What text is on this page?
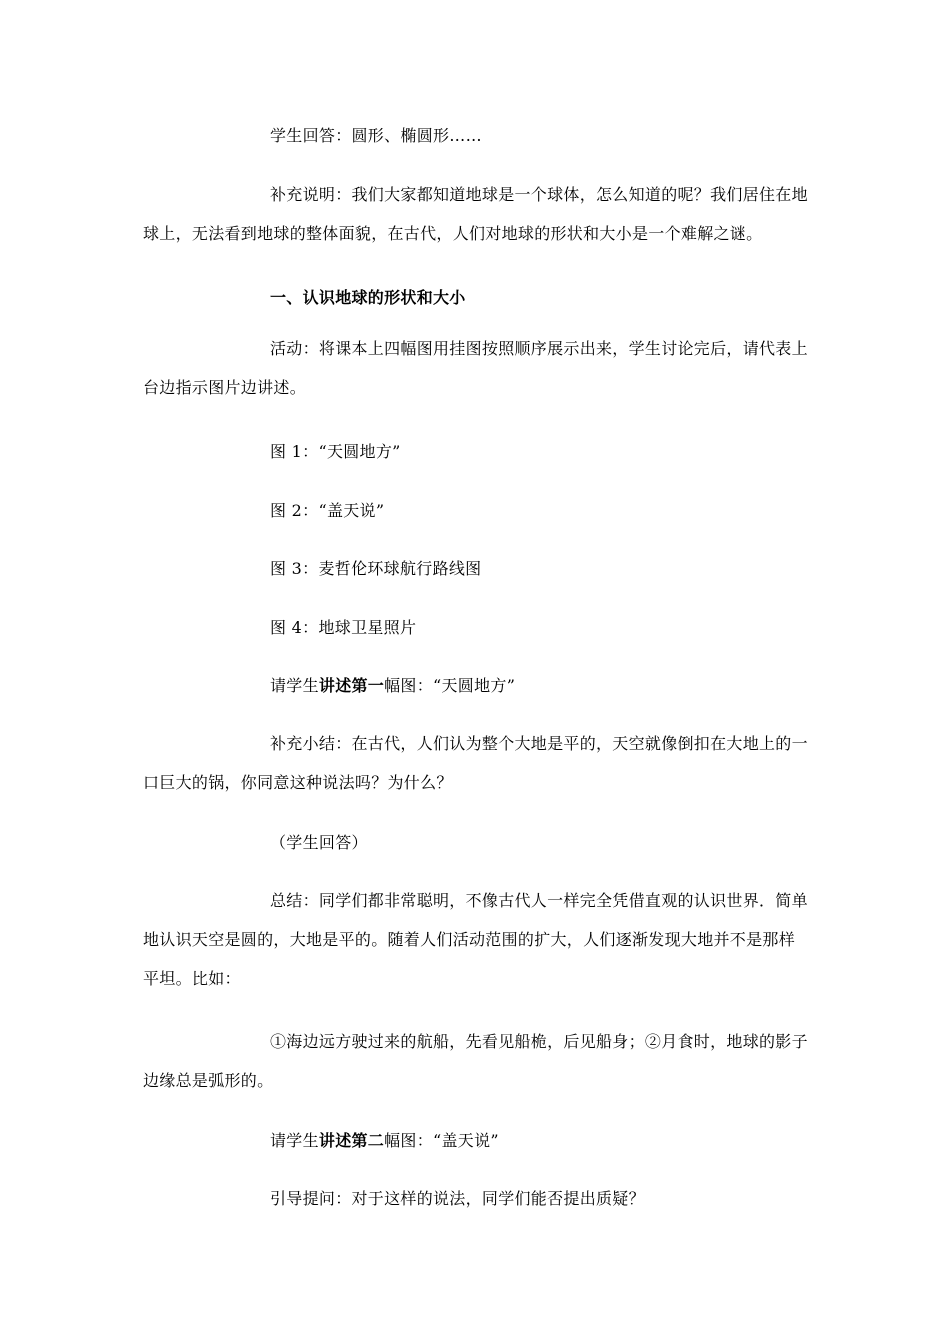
学生回答：圆形、椭圆形……

补充说明：我们大家都知道地球是一个球体，怎么知道的呢？我们居住在地球上，无法看到地球的整体面貌，在古代，人们对地球的形状和大小是一个难解之谜。

一、认识地球的形状和大小

活动：将课本上四幅图用挂图按照顺序展示出来，学生讨论完后，请代表上台边指示图片边讲述。

图 1：“天圆地方”
图 2：“盖天说”
图 3：麦哲伦环球航行路线图
图 4：地球卫星照片
请学生讲述第一幅图：“天圆地方”

补充小结：在古代，人们认为整个大地是平的，天空就像倒扣在大地上的一口巨大的锅，你同意这种说法吗？为什么？

（学生回答）

总结：同学们都非常聪明，不像古代人一样完全凭借直观的认识世界．简单地认识天空是圆的，大地是平的。随着人们活动范围的扩大，人们逐渐发现大地并不是那样平坦。比如：

①海边远方驶过来的航船，先看见船桅，后见船身；②月食时，地球的影子边缘总是弧形的。

请学生讲述第二幅图：“盖天说”
引导提问：对于这样的说法，同学们能否提出质疑？
